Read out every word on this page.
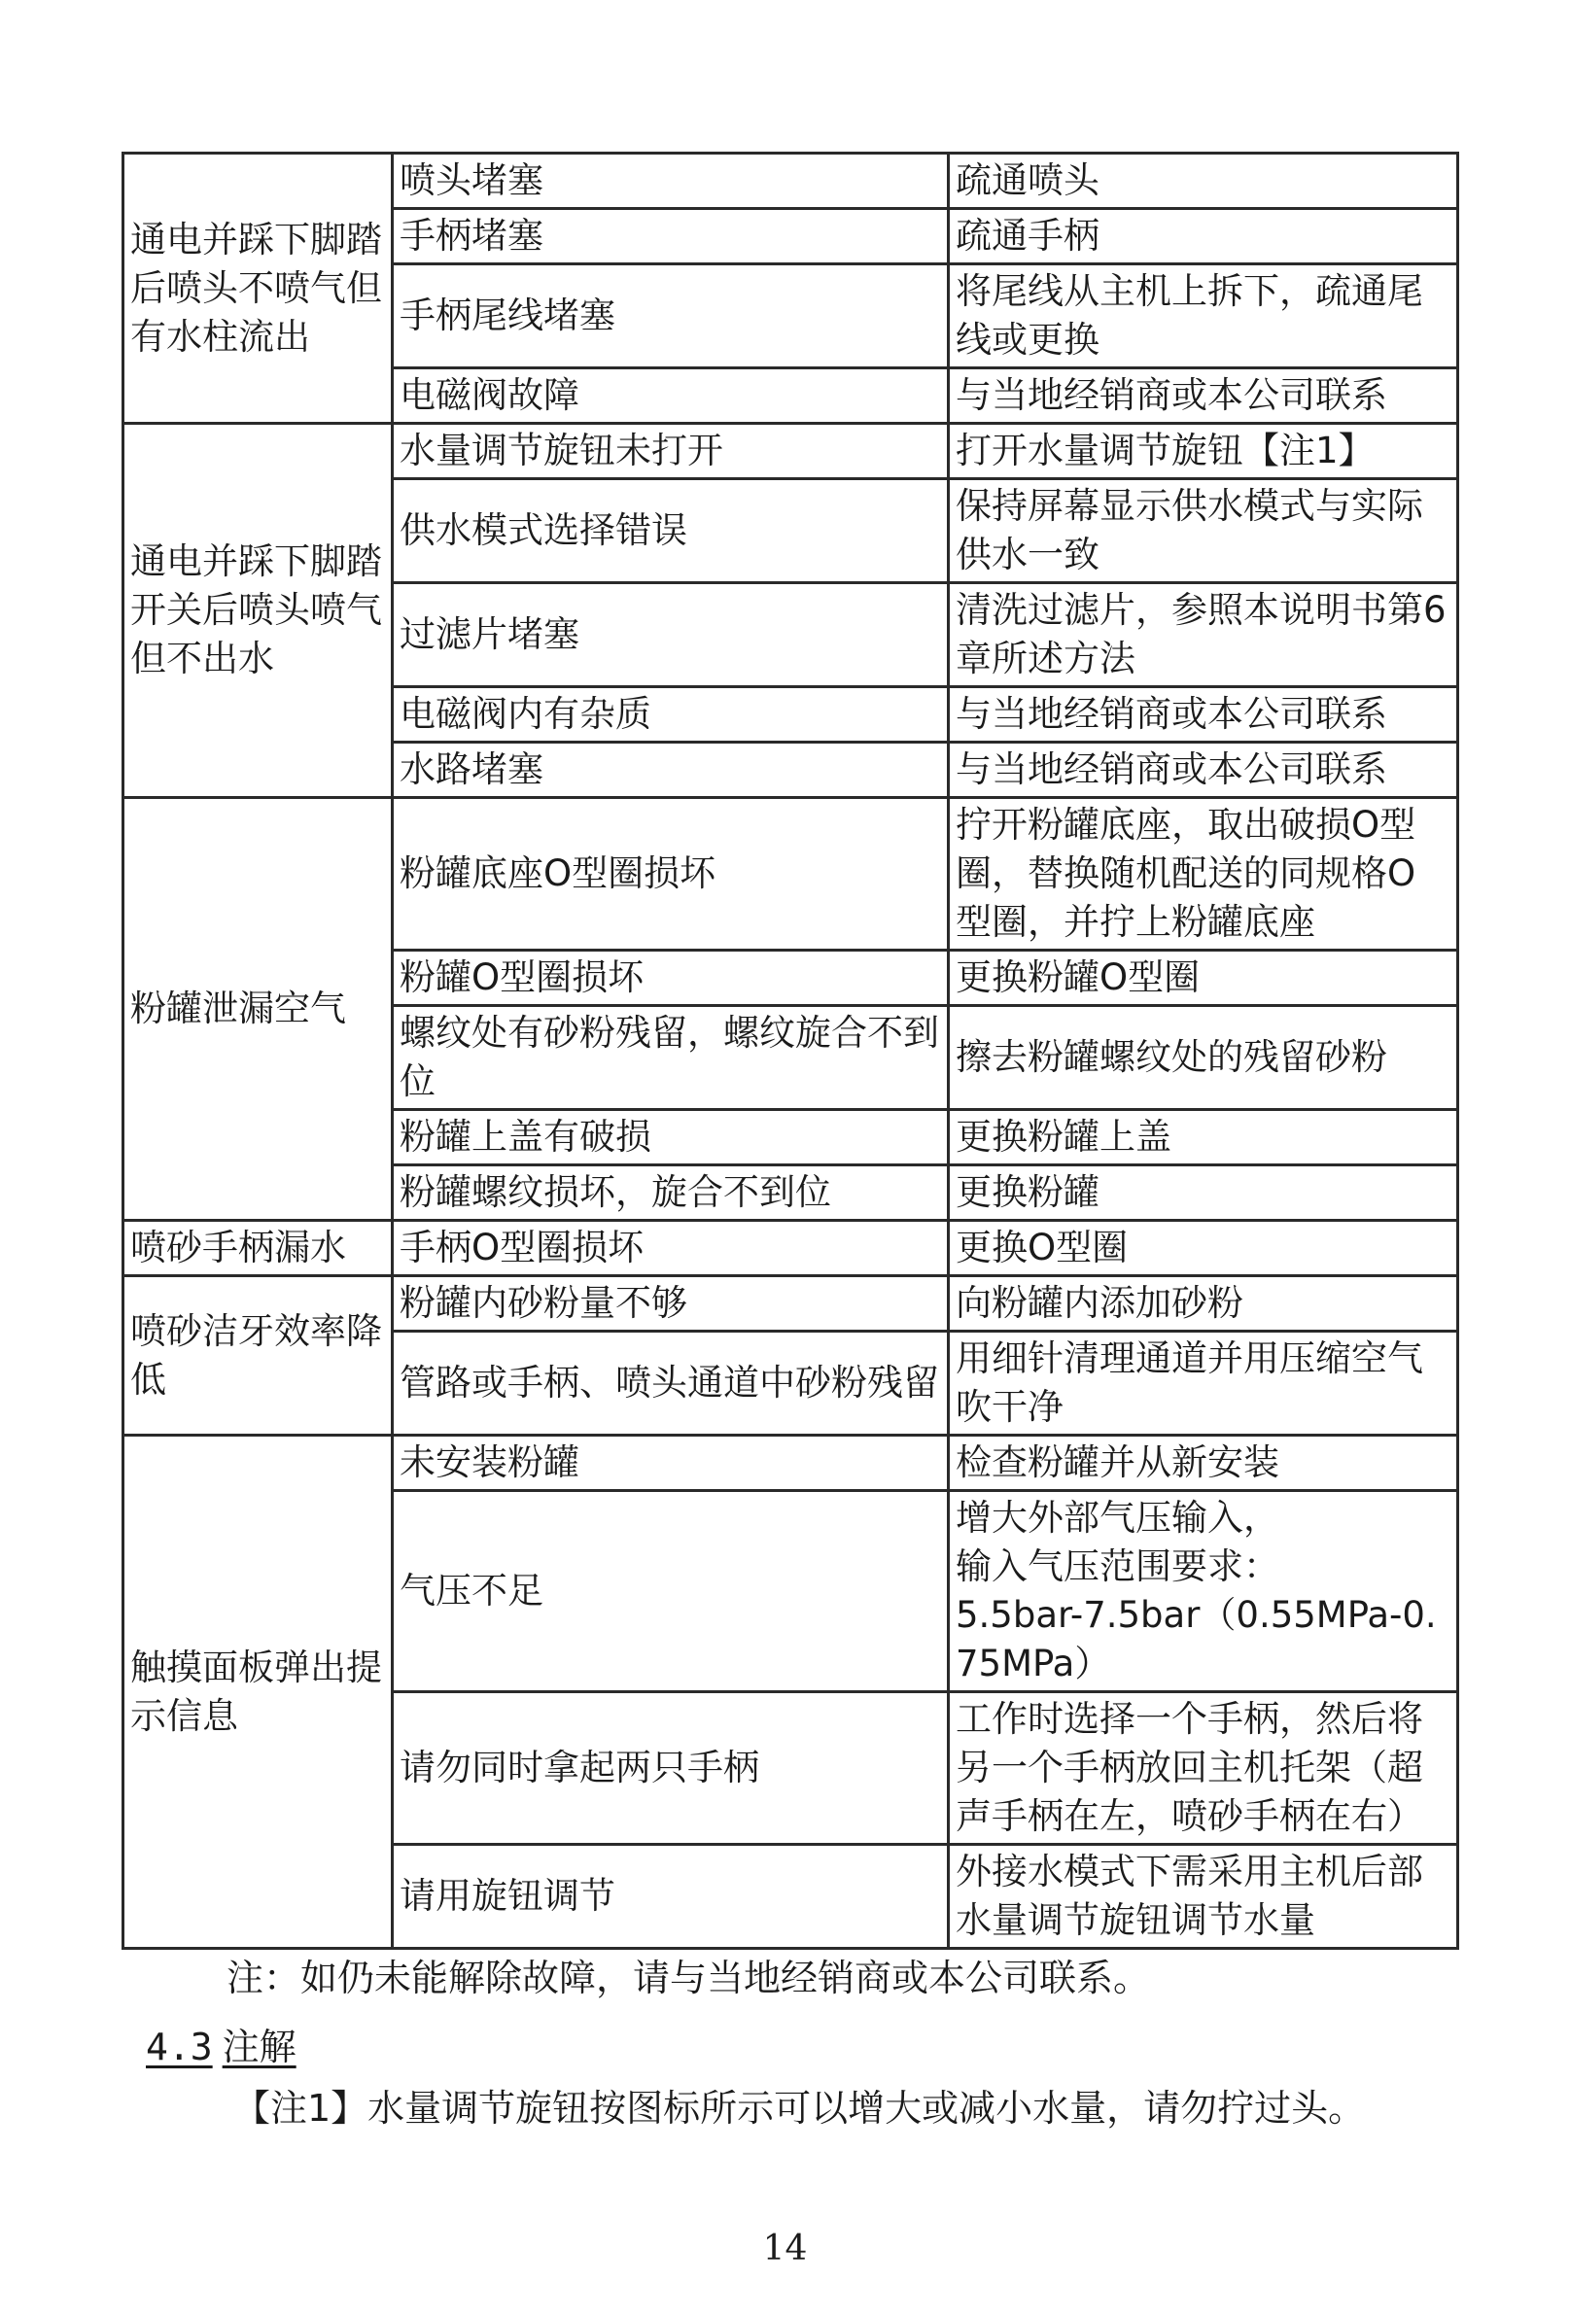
通电并踩下脚踏后喷头不喷气但有水柱流出	喷头堵塞	疏通喷头
	手柄堵塞	疏通手柄
	手柄尾线堵塞	将尾线从主机上拆下，疏通尾线或更换
	电磁阀故障	与当地经销商或本公司联系
通电并踩下脚踏开关后喷头喷气但不出水	水量调节旋钮未打开	打开水量调节旋钮【注1】
	供水模式选择错误	保持屏幕显示供水模式与实际供水一致
	过滤片堵塞	清洗过滤片，参照本说明书第6章所述方法
	电磁阀内有杂质	与当地经销商或本公司联系
	水路堵塞	与当地经销商或本公司联系
粉罐泄漏空气	粉罐底座O型圈损坏	拧开粉罐底座，取出破损O型圈，替换随机配送的同规格O型圈，并拧上粉罐底座
	粉罐O型圈损坏	更换粉罐O型圈
	螺纹处有砂粉残留，螺纹旋合不到位	擦去粉罐螺纹处的残留砂粉
	粉罐上盖有破损	更换粉罐上盖
	粉罐螺纹损坏，旋合不到位	更换粉罐
喷砂手柄漏水	手柄O型圈损坏	更换O型圈
喷砂洁牙效率降低	粉罐内砂粉量不够	向粉罐内添加砂粉
	管路或手柄、喷头通道中砂粉残留	用细针清理通道并用压缩空气吹干净
触摸面板弹出提示信息	未安装粉罐	检查粉罐并从新安装
	气压不足	增大外部气压输入，
输入气压范围要求：
5.5bar-7.5bar（0.55MPa-0.75MPa）
	请勿同时拿起两只手柄	工作时选择一个手柄，然后将另一个手柄放回主机托架（超声手柄在左，喷砂手柄在右）
	请用旋钮调节	外接水模式下需采用主机后部水量调节旋钮调节水量
注：如仍未能解除故障，请与当地经销商或本公司联系。
4.3 注解
【注1】水量调节旋钮按图标所示可以增大或减小水量，请勿拧过头。
14
